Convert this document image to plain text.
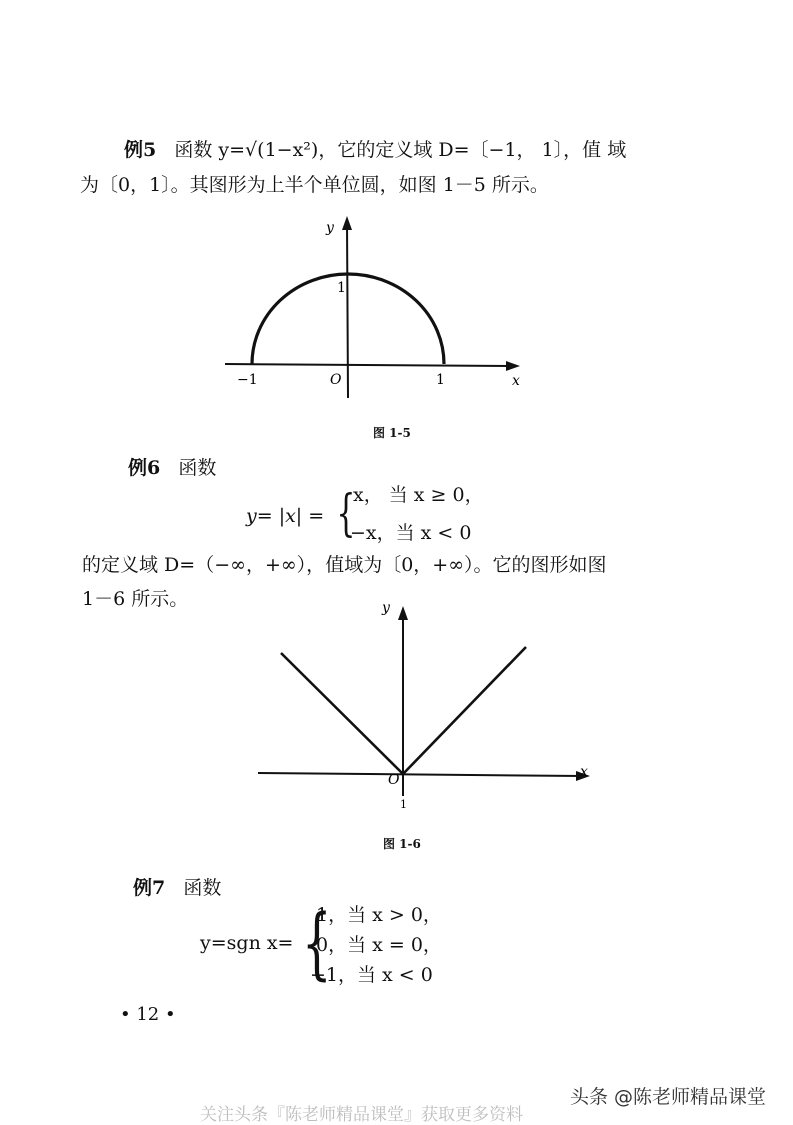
例5 函数 y=√(1−x²)，它的定义域 D=〔−1， 1〕，值 域
为〔0，1〕。其图形为上半个单位圆，如图 1－5 所示。
y
1
O
−1	1	x
图 1-5
例6 函数
y= |x| = {
x， 当 x ≥ 0，
−x，当 x < 0
的定义域 D=（−∞，+∞），值域为〔0，+∞）。它的图形如图
1－6 所示。	y
O
1
x
图 1-6
例7 函数
y=sgn x= {
1，当 x > 0，
0，当 x = 0，
−1，当 x < 0
• 12 •
关注头条『陈老师精品课堂』获取更多资料
头条 @陈老师精品课堂
